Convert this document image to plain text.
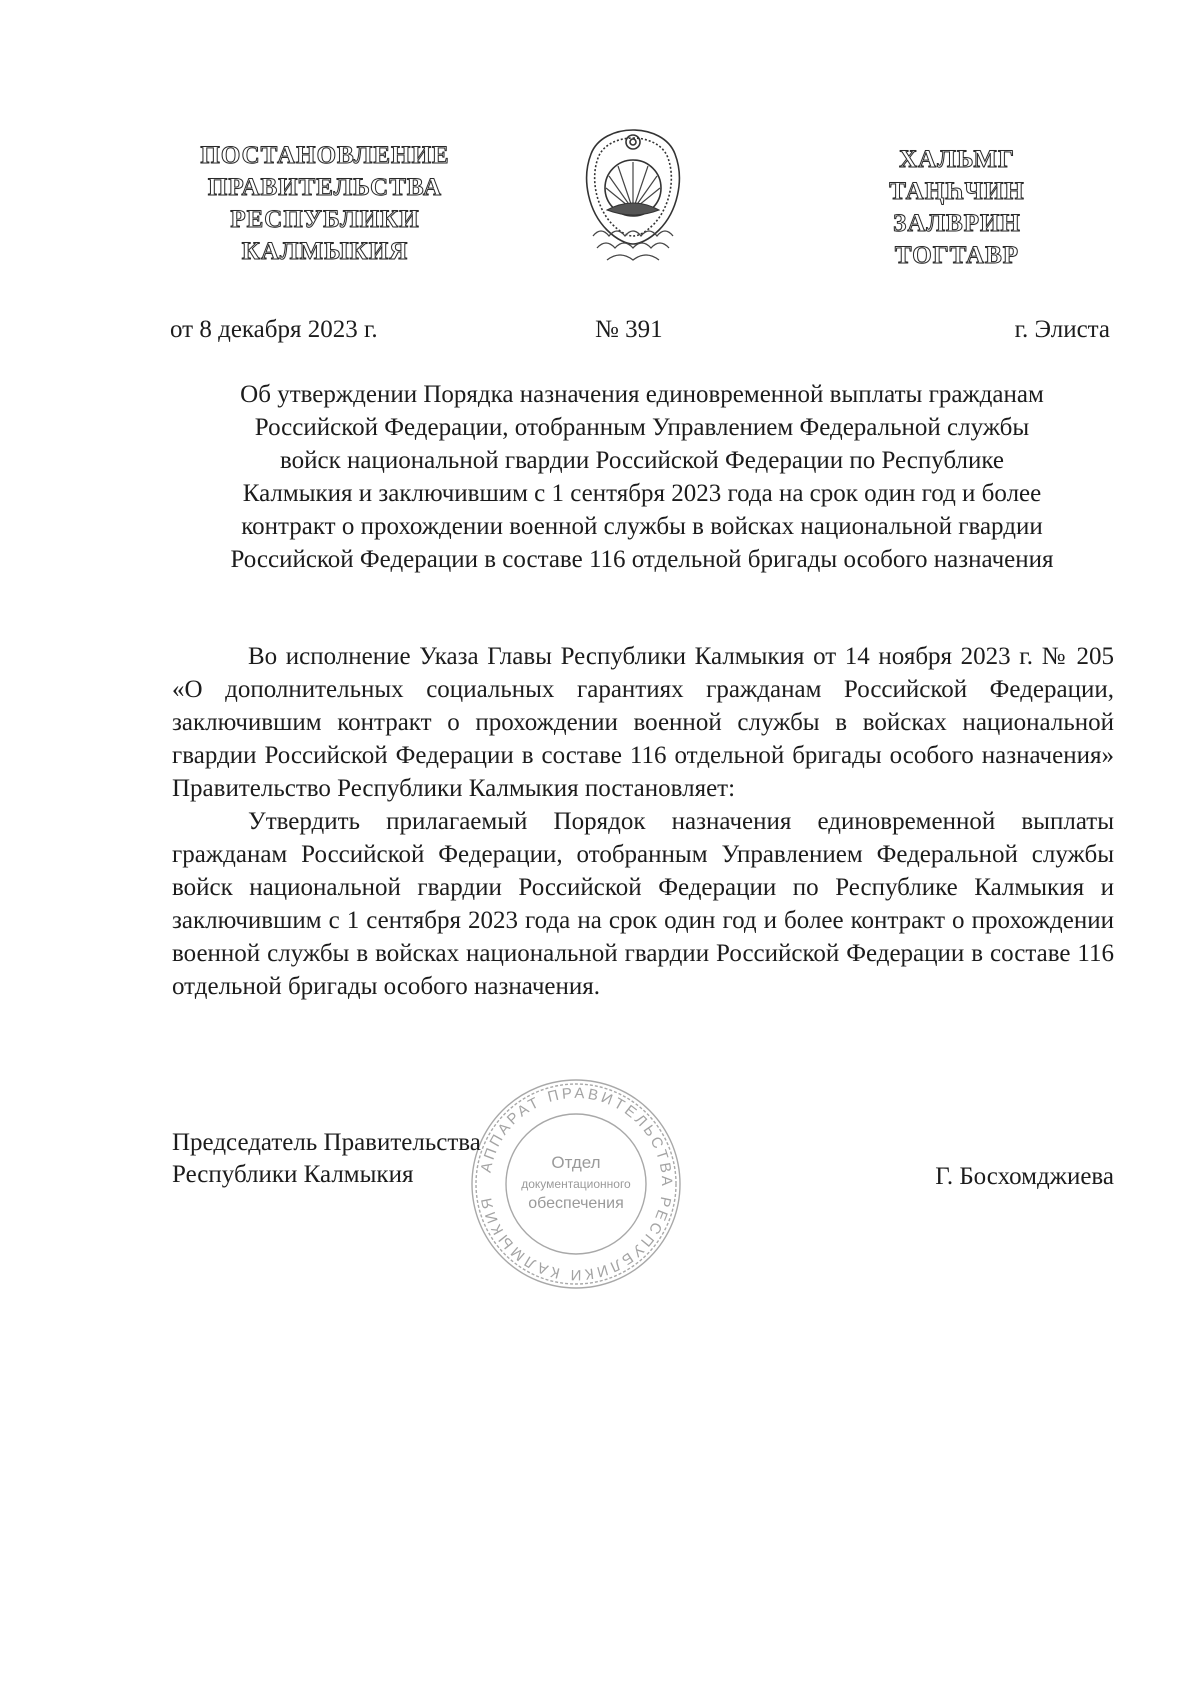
ПОСТАНОВЛЕНИЕ
ПРАВИТЕЛЬСТВА
РЕСПУБЛИКИ
КАЛМЫКИЯ
ХАЛЬМГ
ТАҢҺЧИН
ЗАЛВРИН
ТОГТАВР
от 8 декабря 2023 г.	№ 391	г. Элиста
Об утверждении Порядка назначения единовременной выплаты гражданам
Российской Федерации, отобранным Управлением Федеральной службы
войск национальной гвардии Российской Федерации по Республике
Калмыкия и заключившим с 1 сентября 2023 года на срок один год и более
контракт о прохождении военной службы в войсках национальной гвардии
Российской Федерации в составе 116 отдельной бригады особого назначения

Во исполнение Указа Главы Республики Калмыкия от 14 ноября 2023 г. № 205 «О дополнительных социальных гарантиях гражданам Российской Федерации, заключившим контракт о прохождении военной службы в войсках национальной гвардии Российской Федерации в составе 116 отдельной бригады особого назначения» Правительство Республики Калмыкия постановляет:

Утвердить прилагаемый Порядок назначения единовременной выплаты гражданам Российской Федерации, отобранным Управлением Федеральной службы войск национальной гвардии Российской Федерации по Республике Калмыкия и заключившим с 1 сентября 2023 года на срок один год и более контракт о прохождении военной службы в войсках национальной гвардии Российской Федерации в составе 116 отдельной бригады особого назначения.

АППАРАТ ПРАВИТЕЛЬСТВА РЕСПУБЛИКИ КАЛМЫКИЯ
Отдел
документационного
обеспечения
Председатель Правительства
Республики Калмыкия	Г. Босхомджиева
